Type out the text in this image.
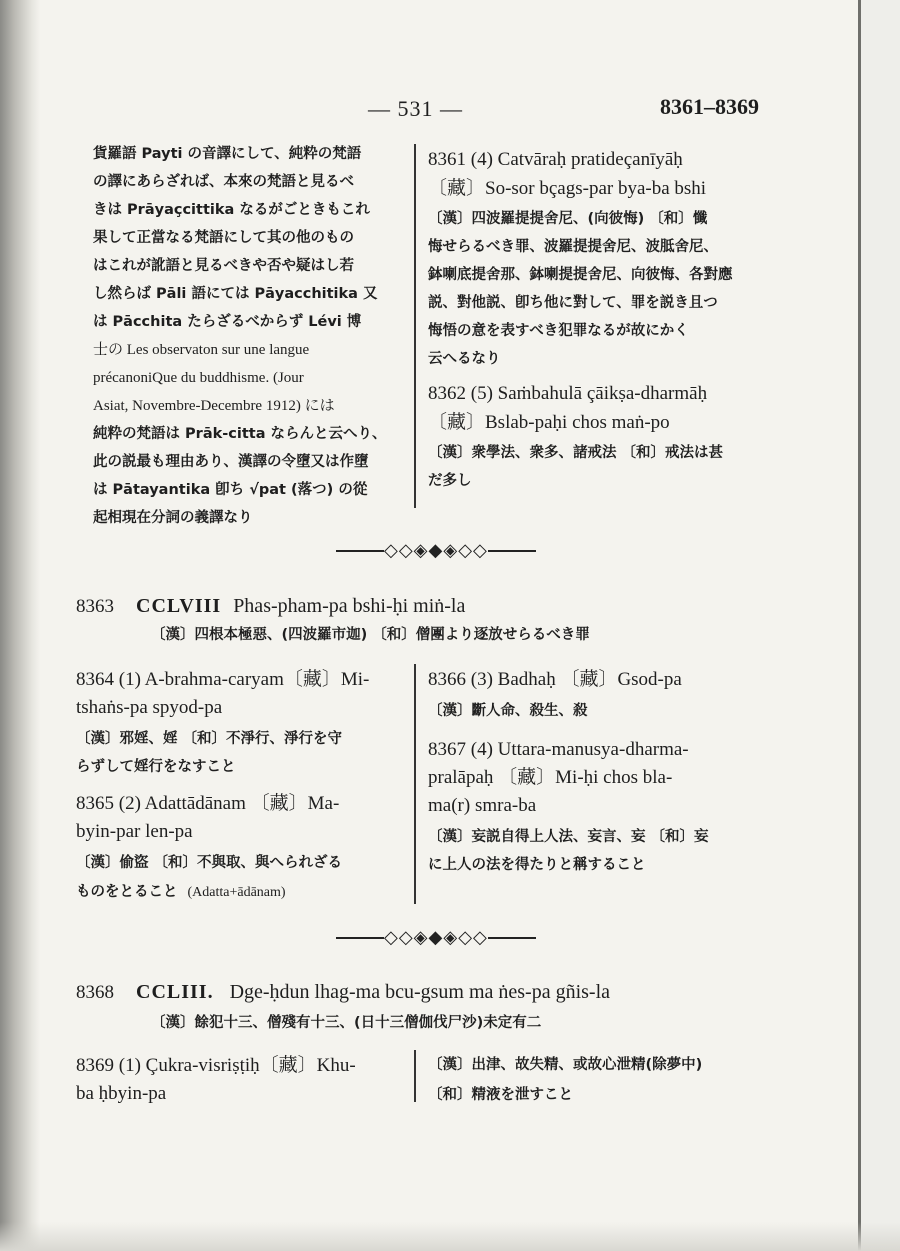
— 531 —	8361–8369
貨羅語 Payti の音譯にして、純粋の梵語
の譯にあらざれば、本來の梵語と見るべ
きは Prāyaçcittika なるがごときもこれ
果して正當なる梵語にして其の他のもの
はこれが訛語と見るべきや否や疑はし若
し然らば Pāli 語にては Pāyacchitika 又
は Pācchita たらざるべからず Lévi 博
士の Les observaton sur une langue
précanoniQue du buddhisme. (Jour
Asiat, Novembre-Decembre 1912) には
純粋の梵語は Prāk-citta ならんと云へり、
此の説最も理由あり、漢譯の令墮又は作墮
は Pātayantika 卽ち √pat (落つ) の從
起相現在分詞の義譯なり
8361 (4) Catvāraḥ pratideçanīyāḥ
〔藏〕So-sor bçags-par bya-ba bshi
〔漢〕四波羅提提舍尼、(向彼悔) 〔和〕懺
悔せらるべき罪、波羅提提舍尼、波胝舍尼、
鉢喇底提舍那、鉢喇提提舍尼、向彼悔、各對應
説、對他説、卽ち他に對して、罪を説き且つ
悔悟の意を表すべき犯罪なるが故にかく
云へるなり
8362 (5) Saṁbahulā çāikṣa-dharmāḥ
〔藏〕Bslab-paḥi chos maṅ-po
〔漢〕衆學法、衆多、諸戒法 〔和〕戒法は甚
だ多し
◇◇◈◆◈◇◇
8363 CCLVIII Phas-pham-pa bshi-ḥi miṅ-la
〔漢〕四根本極惡、(四波羅市迦) 〔和〕僧團より逐放せらるべき罪
8364 (1) A-brahma-caryam〔藏〕Mi-
tshaṅs-pa spyod-pa
〔漢〕邪婬、婬 〔和〕不淨行、淨行を守
らずして婬行をなすこと
8365 (2) Adattādānam 〔藏〕Ma-
byin-par len-pa
〔漢〕偷盜 〔和〕不與取、與へられざる
ものをとること (Adatta+ādānam)
8366 (3) Badhaḥ 〔藏〕Gsod-pa
〔漢〕斷人命、殺生、殺
8367 (4) Uttara-manusya-dharma-
pralāpaḥ 〔藏〕Mi-ḥi chos bla-
ma(r) smra-ba
〔漢〕妄説自得上人法、妄言、妄 〔和〕妄
に上人の法を得たりと稱すること
◇◇◈◆◈◇◇
8368 CCLIII. Dge-ḥdun lhag-ma bcu-gsum ma ṅes-pa gñis-la
〔漢〕餘犯十三、僧殘有十三、(日十三僧伽伐尸沙)未定有二
8369 (1) Çukra-visriṣṭiḥ〔藏〕Khu-
ba ḥbyin-pa
〔漢〕出津、故失精、或故心泄精(除夢中)
〔和〕精液を泄すこと
